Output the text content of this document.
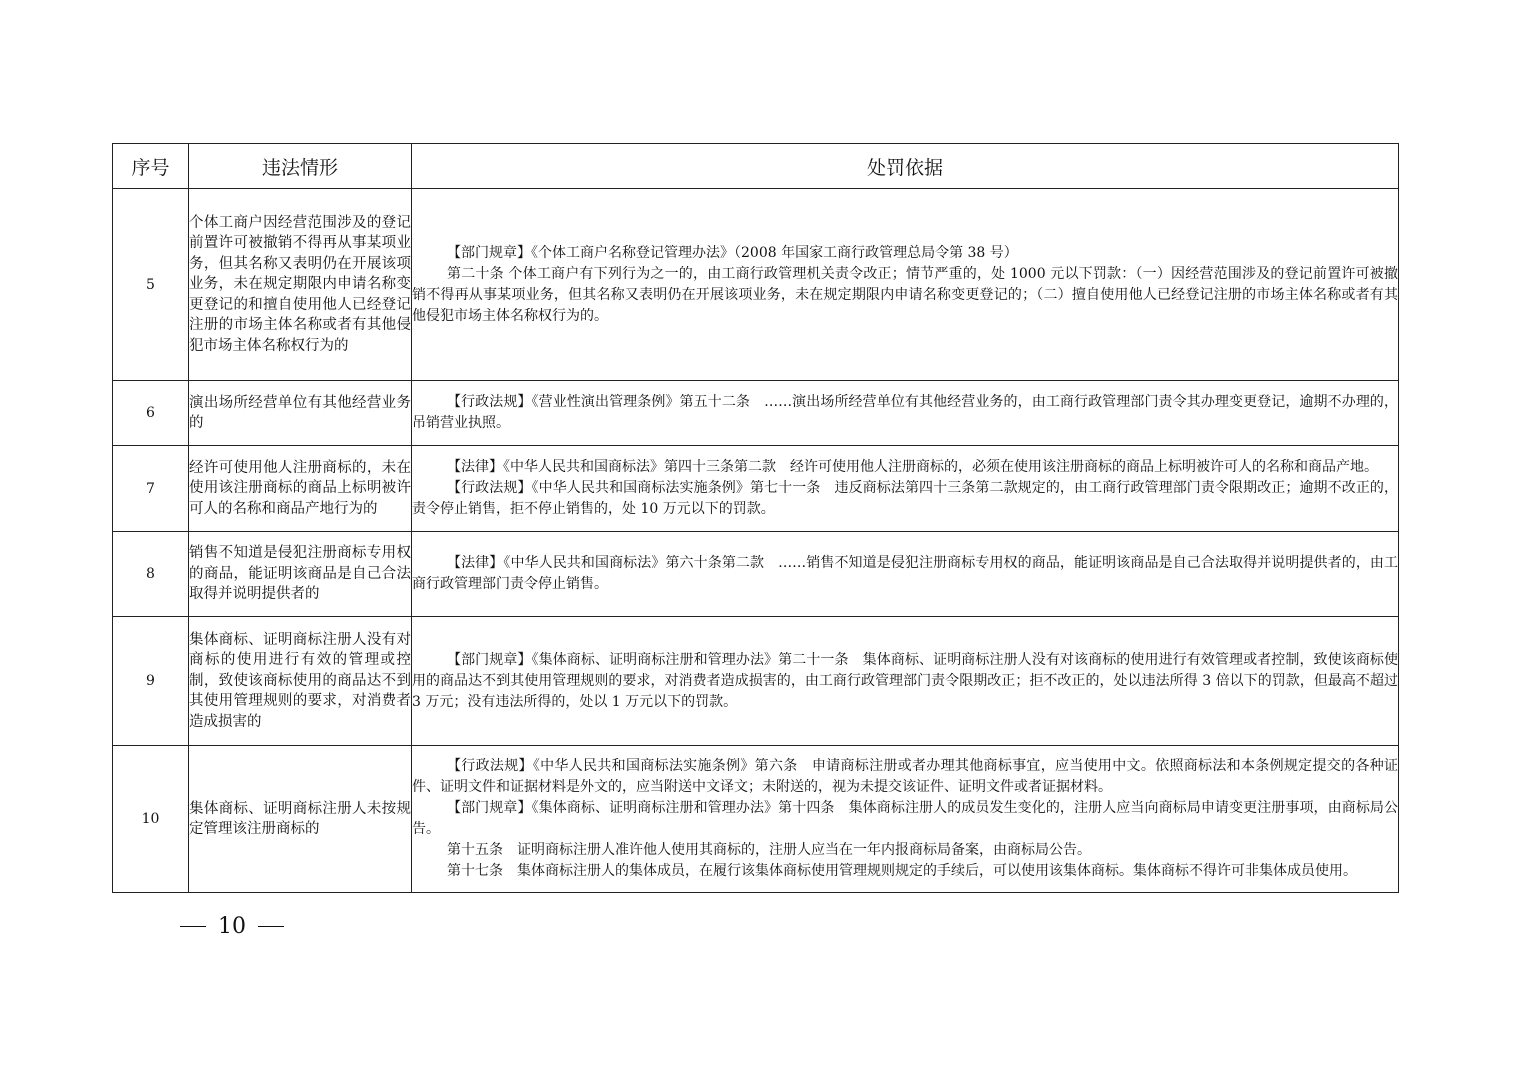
序号	违法情形	处罚依据
5	个体工商户因经营范围涉及的登记前置许可被撤销不得再从事某项业务，但其名称又表明仍在开展该项业务，未在规定期限内申请名称变更登记的和擅自使用他人已经登记注册的市场主体名称或者有其他侵犯市场主体名称权行为的	【部门规章】《个体工商户名称登记管理办法》（2008 年国家工商行政管理总局令第 38 号）

第二十条 个体工商户有下列行为之一的，由工商行政管理机关责令改正；情节严重的，处 1000 元以下罚款：（一）因经营范围涉及的登记前置许可被撤销不得再从事某项业务，但其名称又表明仍在开展该项业务，未在规定期限内申请名称变更登记的；（二）擅自使用他人已经登记注册的市场主体名称或者有其他侵犯市场主体名称权行为的。

6	演出场所经营单位有其他经营业务的	【行政法规】《营业性演出管理条例》第五十二条　……演出场所经营单位有其他经营业务的，由工商行政管理部门责令其办理变更登记，逾期不办理的，吊销营业执照。

7	经许可使用他人注册商标的，未在使用该注册商标的商品上标明被许可人的名称和商品产地行为的	【法律】《中华人民共和国商标法》第四十三条第二款　经许可使用他人注册商标的，必须在使用该注册商标的商品上标明被许可人的名称和商品产地。

【行政法规】《中华人民共和国商标法实施条例》第七十一条　违反商标法第四十三条第二款规定的，由工商行政管理部门责令限期改正；逾期不改正的，责令停止销售，拒不停止销售的，处 10 万元以下的罚款。

8	销售不知道是侵犯注册商标专用权的商品，能证明该商品是自己合法取得并说明提供者的	【法律】《中华人民共和国商标法》第六十条第二款　……销售不知道是侵犯注册商标专用权的商品，能证明该商品是自己合法取得并说明提供者的，由工商行政管理部门责令停止销售。

9	集体商标、证明商标注册人没有对商标的使用进行有效的管理或控制，致使该商标使用的商品达不到其使用管理规则的要求，对消费者造成损害的	【部门规章】《集体商标、证明商标注册和管理办法》第二十一条　集体商标、证明商标注册人没有对该商标的使用进行有效管理或者控制，致使该商标使用的商品达不到其使用管理规则的要求，对消费者造成损害的，由工商行政管理部门责令限期改正；拒不改正的，处以违法所得 3 倍以下的罚款，但最高不超过 3 万元；没有违法所得的，处以 1 万元以下的罚款。

10	集体商标、证明商标注册人未按规定管理该注册商标的	【行政法规】《中华人民共和国商标法实施条例》第六条　申请商标注册或者办理其他商标事宜，应当使用中文。依照商标法和本条例规定提交的各种证件、证明文件和证据材料是外文的，应当附送中文译文；未附送的，视为未提交该证件、证明文件或者证据材料。

【部门规章】《集体商标、证明商标注册和管理办法》第十四条　集体商标注册人的成员发生变化的，注册人应当向商标局申请变更注册事项，由商标局公告。

第十五条　证明商标注册人准许他人使用其商标的，注册人应当在一年内报商标局备案，由商标局公告。

第十七条　集体商标注册人的集体成员，在履行该集体商标使用管理规则规定的手续后，可以使用该集体商标。集体商标不得许可非集体成员使用。

10
